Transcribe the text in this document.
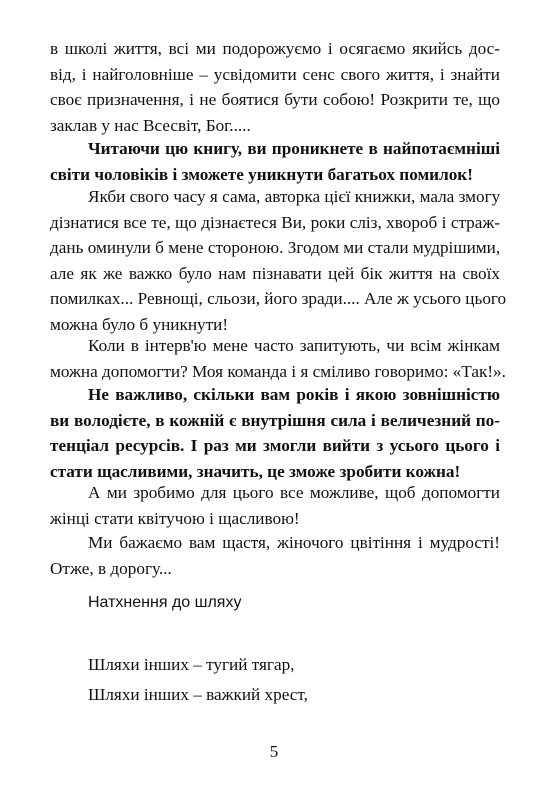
в школі життя, всі ми подорожуємо і осягаємо якийсь дос-
від, і найголовніше – усвідомити сенс свого життя, і знайти
своє призначення, і не боятися бути собою! Розкрити те, що
заклав у нас Всесвіт, Бог.....

Читаючи цю книгу, ви проникнете в найпотаємніші
світи чоловіків і зможете уникнути багатьох помилок!

Якби свого часу я сама, авторка цієї книжки, мала змогу
дізнатися все те, що дізнаєтеся Ви, роки сліз, хвороб і страж-
дань оминули б мене стороною. Згодом ми стали мудрішими,
але як же важко було нам пізнавати цей бік життя на своїх
помилках... Ревнощі, сльози, його зради.... Але ж усього цього
можна було б уникнути!

Коли в інтерв'ю мене часто запитують, чи всім жінкам
можна допомогти? Моя команда і я сміливо говоримо: «Так!».

Не важливо, скільки вам років і якою зовнішністю
ви володієте, в кожній є внутрішня сила і величезний по-
тенціал ресурсів. І раз ми змогли вийти з усього цього і
стати щасливими, значить, це зможе зробити кожна!

А ми зробимо для цього все можливе, щоб допомогти
жінці стати квітучою і щасливою!

Ми бажаємо вам щастя, жіночого цвітіння і мудрості!
Отже, в дорогу...

Натхнення до шляху

Шляхи інших – тугий тягар,

Шляхи інших – важкий хрест,

5
